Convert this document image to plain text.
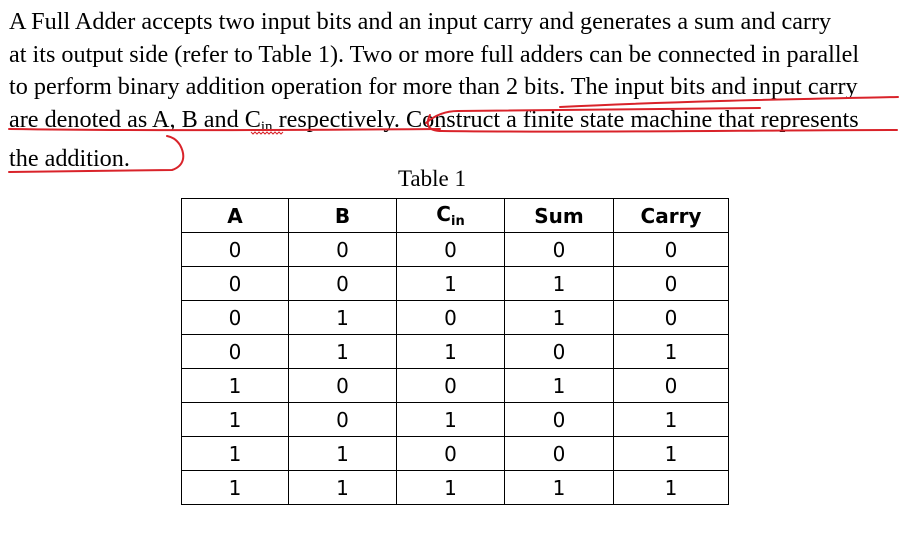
A Full Adder accepts two input bits and an input carry and generates a sum and carry
at its output side (refer to Table 1). Two or more full adders can be connected in parallel
to perform binary addition operation for more than 2 bits. The input bits and input carry
are denoted as A, B and $C_{in}$ respectively. Construct a finite state machine that represents
the addition.
Table 1
A	B	$C_{in}$	Sum	Carry
0	0	0	0	0
0	0	1	1	0
0	1	0	1	0
0	1	1	0	1
1	0	0	1	0
1	0	1	0	1
1	1	0	0	1
1	1	1	1	1
